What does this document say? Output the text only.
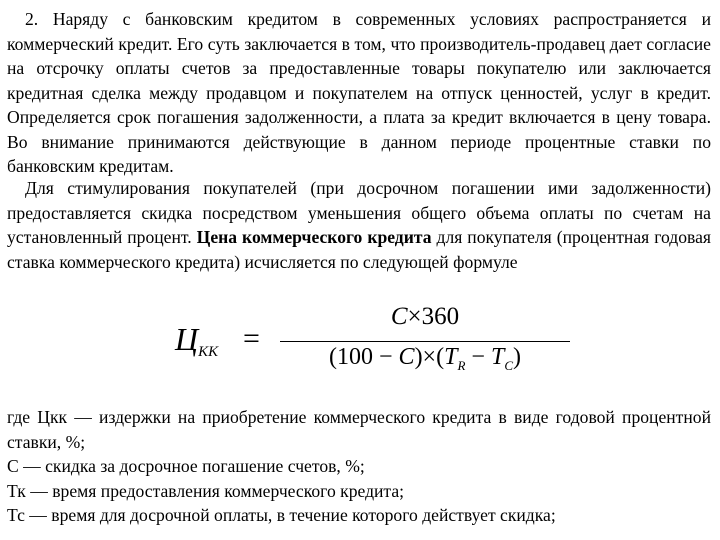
2. Наряду с банковским кредитом в современных условиях распространяется и коммерческий кредит. Его суть заключается в том, что производитель-продавец дает согласие на отсрочку оплаты счетов за предоставленные товары покупателю или заключается кредитная сделка между продавцом и покупателем на отпуск ценностей, услуг в кредит. Определяется срок погашения задолженности, а плата за кредит включается в цену товара. Во внимание принимаются действующие в данном периоде процентные ставки по банковским кредитам.

Для стимулирования покупателей (при досрочном погашении ими задолженности) предоставляется скидка посредством уменьшения общего объема оплаты по счетам на установленный процент. Цена коммерческого кредита для покупателя (процентная годовая ставка коммерческого кредита) исчисляется по следующей формуле

$Ц_{КК}$ =
C×360
$(100 - C)\times(T_R - T_C)$

где Цкк — издержки на приобретение коммерческого кредита в виде годовой процентной ставки, %;

С — скидка за досрочное погашение счетов, %;

Тк — время предоставления коммерческого кредита;

Тс — время для досрочной оплаты, в течение которого действует скидка;
